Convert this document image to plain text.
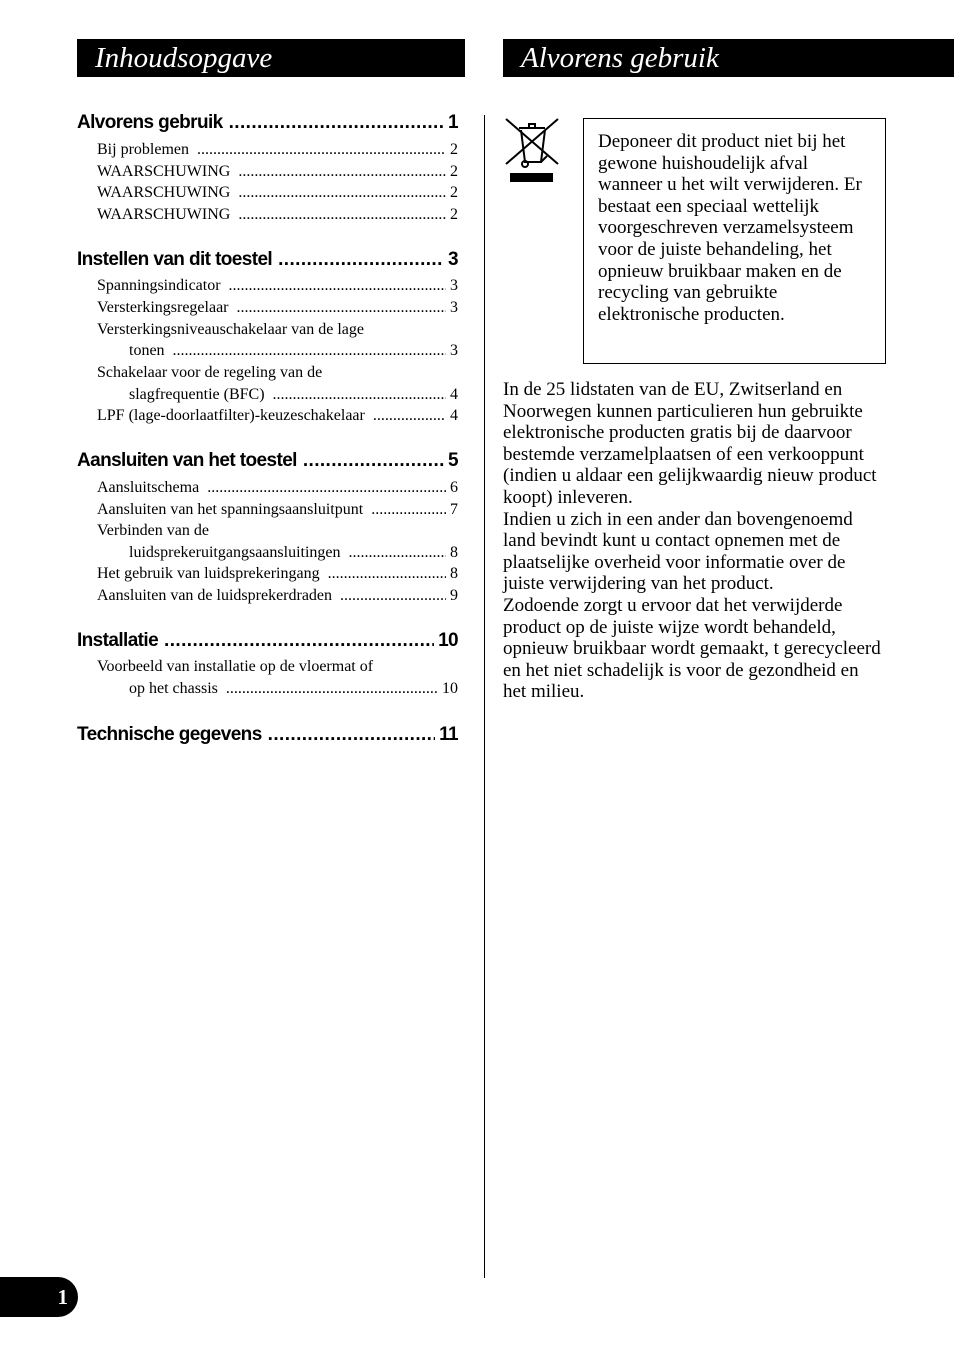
Inhoudsopgave	Alvorens gebruik
Alvorens gebruik .....	1
Bij problemen .....	2
WAARSCHUWING .....	2
WAARSCHUWING .....	2
WAARSCHUWING .....	2
Instellen van dit toestel .....	3
Spanningsindicator .....	3
Versterkingsregelaar .....	3
Versterkingsniveauschakelaar van de lage
tonen .....	3
Schakelaar voor de regeling van de
slagfrequentie (BFC) .....	4
LPF (lage-doorlaatfilter)-keuzeschakelaar .....	4
Aansluiten van het toestel .....	5
Aansluitschema .....	6
Aansluiten van het spanningsaansluitpunt .....	7
Verbinden van de
luidsprekeruitgangsaansluitingen .....	8
Het gebruik van luidsprekeringang .....	8
Aansluiten van de luidsprekerdraden .....	9
Installatie .....	10
Voorbeeld van installatie op de vloermat of
op het chassis .....	10
Technische gegevens .....	11
Deponeer dit product niet bij het gewone huishoudelijk afval wanneer u het wilt verwijderen. Er bestaat een speciaal wettelijk voorgeschreven verzamelsysteem voor de juiste behandeling, het opnieuw bruikbaar maken en de recycling van gebruikte elektronische producten.

In de 25 lidstaten van de EU, Zwitserland en Noorwegen kunnen particulieren hun gebruikte elektronische producten gratis bij de daarvoor bestemde verzamelplaatsen of een verkooppunt (indien u aldaar een gelijkwaardig nieuw product koopt) inleveren.

Indien u zich in een ander dan bovengenoemd land bevindt kunt u contact opnemen met de plaatselijke overheid voor informatie over de juiste verwijdering van het product.

Zodoende zorgt u ervoor dat het verwijderde product op de juiste wijze wordt behandeld, opnieuw bruikbaar wordt gemaakt, t gerecycleerd en het niet schadelijk is voor de gezondheid en het milieu.

1
